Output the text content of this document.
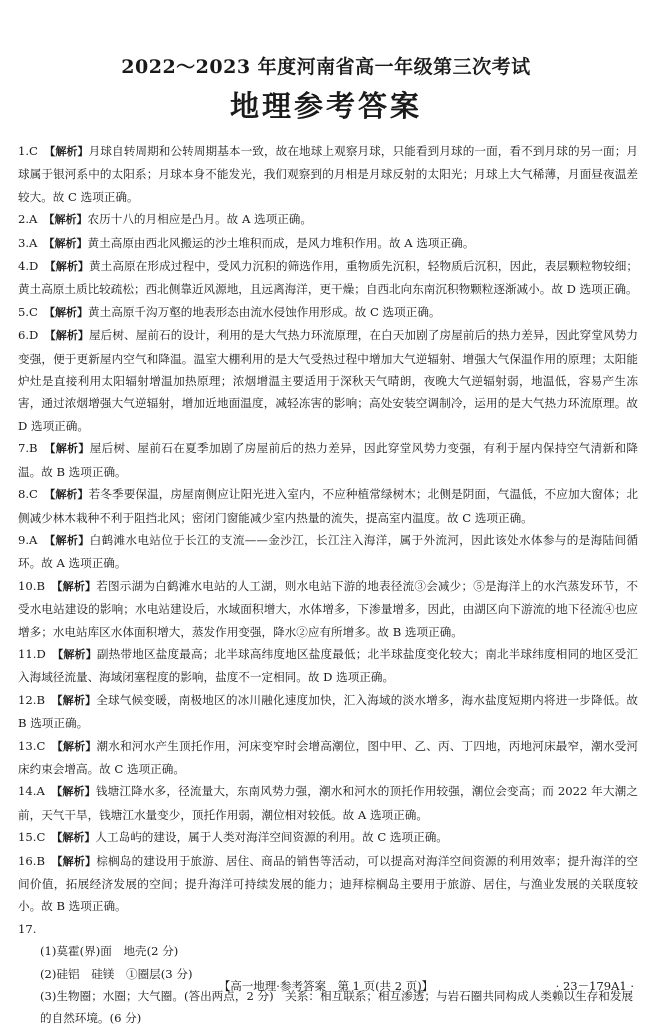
2022～2023 年度河南省高一年级第三次考试
地理参考答案

1.C　 【解析】月球自转周期和公转周期基本一致，故在地球上观察月球，只能看到月球的一面，看不到月球的另一面；月球属于银河系中的太阳系；月球本身不能发光，我们观察到的月相是月球反射的太阳光；月球上大气稀薄，月面昼夜温差较大。故 C 选项正确。

2.A　 【解析】农历十八的月相应是凸月。故 A 选项正确。

3.A　 【解析】黄土高原由西北风搬运的沙土堆积而成，是风力堆积作用。故 A 选项正确。

4.D　 【解析】黄土高原在形成过程中，受风力沉积的筛选作用，重物质先沉积，轻物质后沉积，因此，表层颗粒物较细；黄土高原土质比较疏松；西北侧靠近风源地，且远离海洋，更干燥；自西北向东南沉积物颗粒逐渐减小。故 D 选项正确。

5.C　 【解析】黄土高原千沟万壑的地表形态由流水侵蚀作用形成。故 C 选项正确。

6.D　 【解析】屋后树、屋前石的设计，利用的是大气热力环流原理，在白天加剧了房屋前后的热力差异，因此穿堂风势力变强，便于更新屋内空气和降温。温室大棚利用的是大气受热过程中增加大气逆辐射、增强大气保温作用的原理；太阳能炉灶是直接利用太阳辐射增温加热原理；浓烟增温主要适用于深秋天气晴朗，夜晚大气逆辐射弱，地温低，容易产生冻害，通过浓烟增强大气逆辐射，增加近地面温度，减轻冻害的影响；高处安装空调制冷，运用的是大气热力环流原理。故 D 选项正确。

7.B　 【解析】屋后树、屋前石在夏季加剧了房屋前后的热力差异，因此穿堂风势力变强，有利于屋内保持空气清新和降温。故 B 选项正确。

8.C　 【解析】若冬季要保温，房屋南侧应让阳光进入室内，不应种植常绿树木；北侧是阴面，气温低，不应加大窗体；北侧减少林木栽种不利于阻挡北风；密闭门窗能减少室内热量的流失，提高室内温度。故 C 选项正确。

9.A　 【解析】白鹤滩水电站位于长江的支流——金沙江，长江注入海洋，属于外流河，因此该处水体参与的是海陆间循环。故 A 选项正确。

10.B　 【解析】若图示湖为白鹤滩水电站的人工湖，则水电站下游的地表径流③会减少；⑤是海洋上的水汽蒸发环节，不受水电站建设的影响；水电站建设后，水域面积增大，水体增多，下渗量增多，因此，由湖区向下游流的地下径流④也应增多；水电站库区水体面积增大，蒸发作用变强，降水②应有所增多。故 B 选项正确。

11.D　 【解析】副热带地区盐度最高；北半球高纬度地区盐度最低；北半球盐度变化较大；南北半球纬度相同的地区受汇入海域径流量、海域闭塞程度的影响，盐度不一定相同。故 D 选项正确。

12.B　 【解析】全球气候变暖，南极地区的冰川融化速度加快，汇入海域的淡水增多，海水盐度短期内将进一步降低。故 B 选项正确。

13.C　 【解析】潮水和河水产生顶托作用，河床变窄时会增高潮位，图中甲、乙、丙、丁四地，丙地河床最窄，潮水受河床约束会增高。故 C 选项正确。

14.A　 【解析】钱塘江降水多，径流量大，东南风势力强，潮水和河水的顶托作用较强，潮位会变高；而 2022 年大潮之前，天气干旱，钱塘江水量变少，顶托作用弱，潮位相对较低。故 A 选项正确。

15.C　 【解析】人工岛屿的建设，属于人类对海洋空间资源的利用。故 C 选项正确。

16.B　 【解析】棕榈岛的建设用于旅游、居住、商品的销售等活动，可以提高对海洋空间资源的利用效率；提升海洋的空间价值，拓展经济发展的空间；提升海洋可持续发展的能力；迪拜棕榈岛主要用于旅游、居住，与渔业发展的关联度较小。故 B 选项正确。

17.

(1)莫霍(界)面　地壳(2 分)

(2)硅铝　硅镁　①圈层(3 分)

(3)生物圈；水圈；大气圈。(答出两点，2 分)　关系：相互联系；相互渗透；与岩石圈共同构成人类赖以生存和发展的自然环境。(6 分)

【高一地理·参考答案　第 1 页(共 2 页)】	· 23－179A1 ·
